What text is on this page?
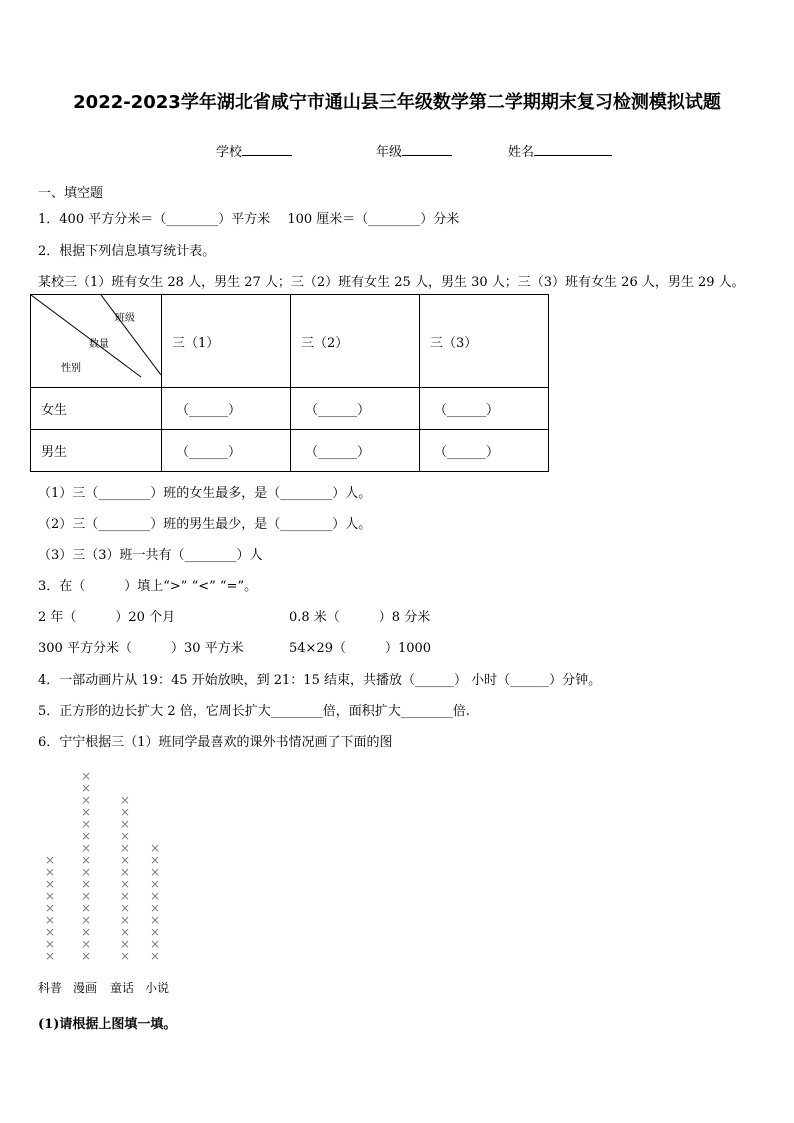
2022-2023学年湖北省咸宁市通山县三年级数学第二学期期末复习检测模拟试题
学校	年级	姓名
一、填空题
1．400 平方分米＝（________）平方米　 100 厘米＝（________）分米
2．根据下列信息填写统计表。
某校三（1）班有女生 28 人，男生 27 人；三（2）班有女生 25 人，男生 30 人；三（3）班有女生 26 人，男生 29 人。
班级
数量
性别	三（1）	三（2）	三（3）
女生	（______）	（______）	（______）
男生	（______）	（______）	（______）
（1）三（________）班的女生最多，是（________）人。
（2）三（________）班的男生最少，是（________）人。
（3）三（3）班一共有（________）人
3．在（　　　）填上“>” “<” “=”。
2 年（　　　）20 个月	0.8 米（　　　）8 分米
300 平方分米（　　　）30 平方米	54×29（　　　）1000
4．一部动画片从 19：45 开始放映，到 21：15 结束，共播放（______） 小时（______）分钟。
5．正方形的边长扩大 2 倍，它周长扩大________倍，面积扩大________倍.
6．宁宁根据三（1）班同学最喜欢的课外书情况画了下面的图
×
×
×
×
×
×
×
×
×
科普
×
×
×
×
×
×
×
×
×
×
×
×
×
×
×
×
漫画
×
×
×
×
×
×
×
×
×
×
×
×
×
×
童话
×
×
×
×
×
×
×
×
×
×
小说
(1)请根据上图填一填。
